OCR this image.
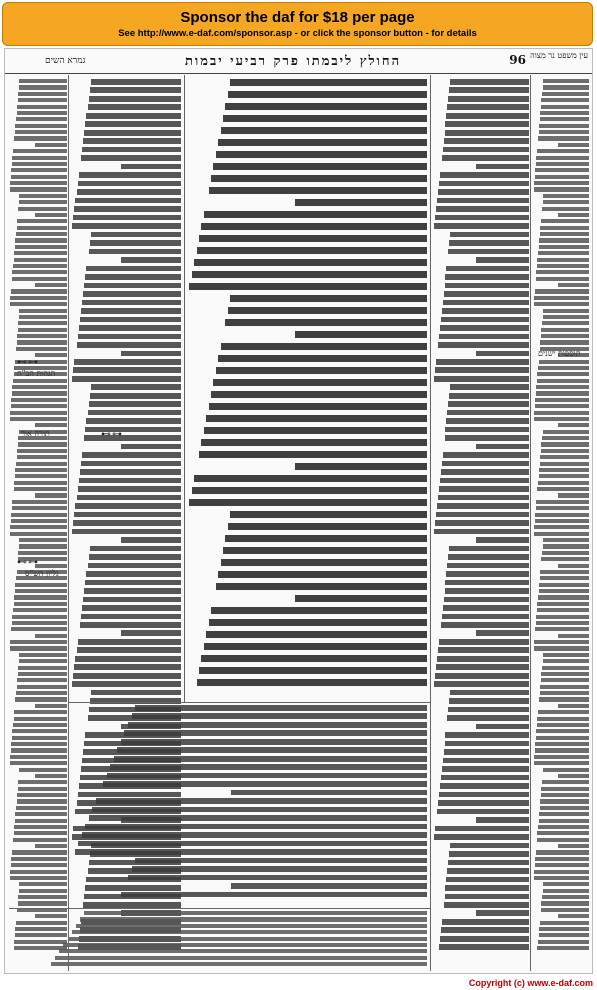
Sponsor the daf for $18 per page
See http://www.e-daf.com/sponsor.asp - or click the sponsor button - for details
גמרא השים	החולץ ליבמתו פרק רביעי יבמות	96 עין משפט נר מצוה
תוספות ישנים
תורה אור
הגהות הב"ח
גליון הש"ס
⊷⊶
⊷⊶
⊷⊶
Copyright (c) www.e-daf.com
